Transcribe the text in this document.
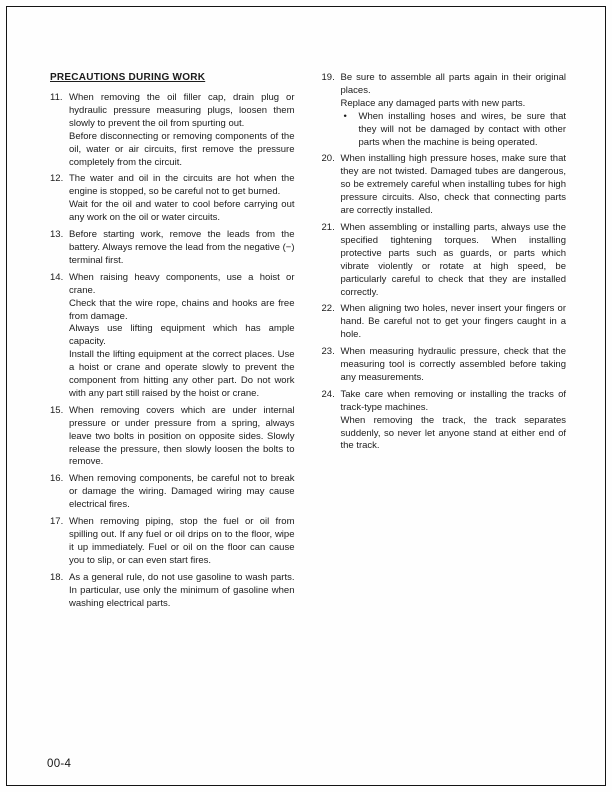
PRECAUTIONS DURING WORK
11. When removing the oil filler cap, drain plug or hydraulic pressure measuring plugs, loosen them slowly to prevent the oil from spurting out.

Before disconnecting or removing components of the oil, water or air circuits, first remove the pressure completely from the circuit.

12. The water and oil in the circuits are hot when the engine is stopped, so be careful not to get burned.

Wait for the oil and water to cool before carrying out any work on the oil or water circuits.

13. Before starting work, remove the leads from the battery. Always remove the lead from the negative (−) terminal first.

14. When raising heavy components, use a hoist or crane.

Check that the wire rope, chains and hooks are free from damage.

Always use lifting equipment which has ample capacity.

Install the lifting equipment at the correct places. Use a hoist or crane and operate slowly to prevent the component from hitting any other part. Do not work with any part still raised by the hoist or crane.

15. When removing covers which are under internal pressure or under pressure from a spring, always leave two bolts in position on opposite sides. Slowly release the pressure, then slowly loosen the bolts to remove.

16. When removing components, be careful not to break or damage the wiring. Damaged wiring may cause electrical fires.

17. When removing piping, stop the fuel or oil from spilling out. If any fuel or oil drips on to the floor, wipe it up immediately. Fuel or oil on the floor can cause you to slip, or can even start fires.

18. As a general rule, do not use gasoline to wash parts. In particular, use only the minimum of gasoline when washing electrical parts.

19. Be sure to assemble all parts again in their original places.

Replace any damaged parts with new parts.

•	When installing hoses and wires, be sure that they will not be damaged by contact with other parts when the machine is being operated.

20. When installing high pressure hoses, make sure that they are not twisted. Damaged tubes are dangerous, so be extremely careful when installing tubes for high pressure circuits. Also, check that connecting parts are correctly installed.

21. When assembling or installing parts, always use the specified tightening torques. When installing protective parts such as guards, or parts which vibrate violently or rotate at high speed, be particularly careful to check that they are installed correctly.

22. When aligning two holes, never insert your fingers or hand. Be careful not to get your fingers caught in a hole.

23. When measuring hydraulic pressure, check that the measuring tool is correctly assembled before taking any measurements.

24. Take care when removing or installing the tracks of track-type machines.

When removing the track, the track separates suddenly, so never let anyone stand at either end of the track.

00-4
